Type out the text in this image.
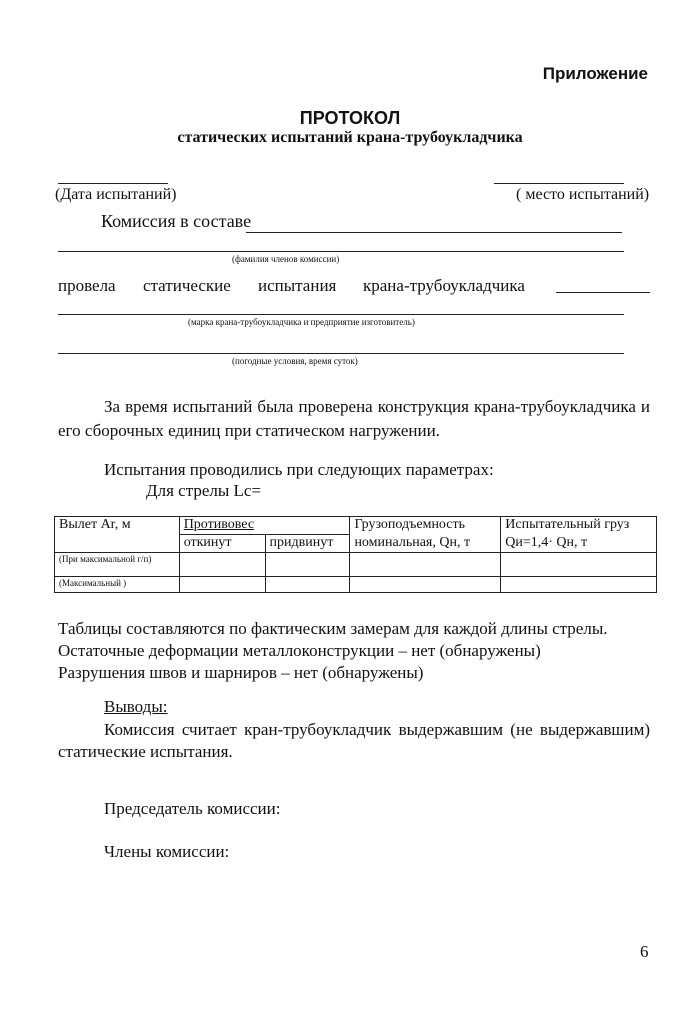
Приложение
ПРОТОКОЛ
статических испытаний крана-трубоукладчика
(Дата испытаний)	( место испытаний)
Комиссия в составе
(фамилия членов комиссии)
провела статические испытания крана-трубоукладчика
(марка крана-трубоукладчика и предприятие изготовитель)
(погодные условия, время суток)
За время испытаний была проверена конструкция крана-трубоукладчика и его сборочных единиц при статическом нагружении.
Испытания проводились при следующих параметрах:
Для стрелы Lc=
Вылет Ar, м	Противовес		Грузоподъемность	Испытательный груз
	откинут	придвинут	номинальная, Qн, т	Qи=1,4· Qн, т
(При максимальной г/п)				
(Максимальный )				
Таблицы составляются по фактическим замерам для каждой длины стрелы.
Остаточные деформации металлоконструкции – нет (обнаружены)
Разрушения швов и шарниров – нет (обнаружены)
Выводы:
Комиссия считает кран-трубоукладчик выдержавшим (не выдержавшим) статические испытания.
Председатель комиссии:
Члены комиссии:
6
